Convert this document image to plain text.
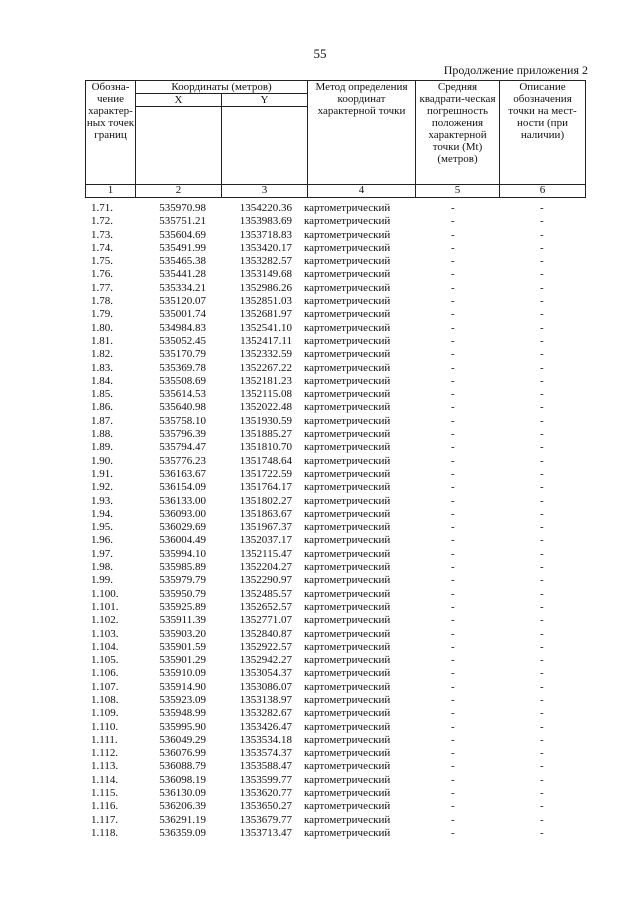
55
Продолжение приложения 2
Обозна-чение характер-ных точек границ	Координаты (метров)		Метод определения координат характерной точки	Средняя квадрати-ческая погрешность положения характерной точки (Mt) (метров)	Описание обозначения точки на мест-ности (при наличии)
	X	Y			

1	2	3	4	5	6
1.71.	535970.98	1354220.36 картометрический	-	-
1.72.	535751.21	1353983.69 картометрический	-	-
1.73.	535604.69	1353718.83 картометрический	-	-
1.74.	535491.99	1353420.17 картометрический	-	-
1.75.	535465.38	1353282.57 картометрический	-	-
1.76.	535441.28	1353149.68 картометрический	-	-
1.77.	535334.21	1352986.26 картометрический	-	-
1.78.	535120.07	1352851.03 картометрический	-	-
1.79.	535001.74	1352681.97 картометрический	-	-
1.80.	534984.83	1352541.10 картометрический	-	-
1.81.	535052.45	1352417.11 картометрический	-	-
1.82.	535170.79	1352332.59 картометрический	-	-
1.83.	535369.78	1352267.22 картометрический	-	-
1.84.	535508.69	1352181.23 картометрический	-	-
1.85.	535614.53	1352115.08 картометрический	-	-
1.86.	535640.98	1352022.48 картометрический	-	-
1.87.	535758.10	1351930.59 картометрический	-	-
1.88.	535796.39	1351885.27 картометрический	-	-
1.89.	535794.47	1351810.70 картометрический	-	-
1.90.	535776.23	1351748.64 картометрический	-	-
1.91.	536163.67	1351722.59 картометрический	-	-
1.92.	536154.09	1351764.17 картометрический	-	-
1.93.	536133.00	1351802.27 картометрический	-	-
1.94.	536093.00	1351863.67 картометрический	-	-
1.95.	536029.69	1351967.37 картометрический	-	-
1.96.	536004.49	1352037.17 картометрический	-	-
1.97.	535994.10	1352115.47 картометрический	-	-
1.98.	535985.89	1352204.27 картометрический	-	-
1.99.	535979.79	1352290.97 картометрический	-	-
1.100.	535950.79	1352485.57 картометрический	-	-
1.101.	535925.89	1352652.57 картометрический	-	-
1.102.	535911.39	1352771.07 картометрический	-	-
1.103.	535903.20	1352840.87 картометрический	-	-
1.104.	535901.59	1352922.57 картометрический	-	-
1.105.	535901.29	1352942.27 картометрический	-	-
1.106.	535910.09	1353054.37 картометрический	-	-
1.107.	535914.90	1353086.07 картометрический	-	-
1.108.	535923.09	1353138.97 картометрический	-	-
1.109.	535948.99	1353282.67 картометрический	-	-
1.110.	535995.90	1353426.47 картометрический	-	-
1.111.	536049.29	1353534.18 картометрический	-	-
1.112.	536076.99	1353574.37 картометрический	-	-
1.113.	536088.79	1353588.47 картометрический	-	-
1.114.	536098.19	1353599.77 картометрический	-	-
1.115.	536130.09	1353620.77 картометрический	-	-
1.116.	536206.39	1353650.27 картометрический	-	-
1.117.	536291.19	1353679.77 картометрический	-	-
1.118.	536359.09	1353713.47 картометрический	-	-
